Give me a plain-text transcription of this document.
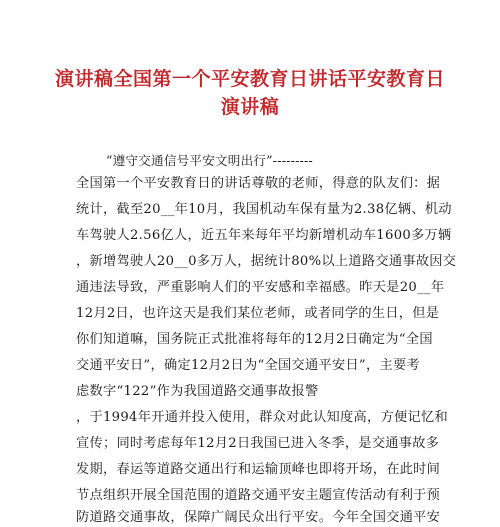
演讲稿全国第一个平安教育日讲话平安教育日
演讲稿
“遵守交通信号平安文明出行”---------
全国第一个平安教育日的讲话尊敬的老师，得意的队友们：据
统计，截至20__年10月，我国机动车保有量为2.38亿辆、机动
车驾驶人2.56亿人，近五年来每年平均新增机动车1600多万辆
，新增驾驶人20__0多万人，据统计80%以上道路交通事故因交
通违法导致，严重影响人们的平安感和幸福感。昨天是20__年
12月2日，也许这天是我们某位老师，或者同学的生日，但是
你们知道嘛，国务院正式批准将每年的12月2日确定为“全国
交通平安日”，确定12月2日为“全国交通平安日”，主要考
虑数字“122”作为我国道路交通事故报警
，于1994年开通并投入使用，群众对此认知度高，方便记忆和
宣传；同时考虑每年12月2日我国已进入冬季，是交通事故多
发期，春运等道路交通出行和运输顶峰也即将开场，在此时间
节点组织开展全国范围的道路交通平安主题宣传活动有利于预
防道路交通事故，保障广阔民众出行平安。今年全国交通平安
